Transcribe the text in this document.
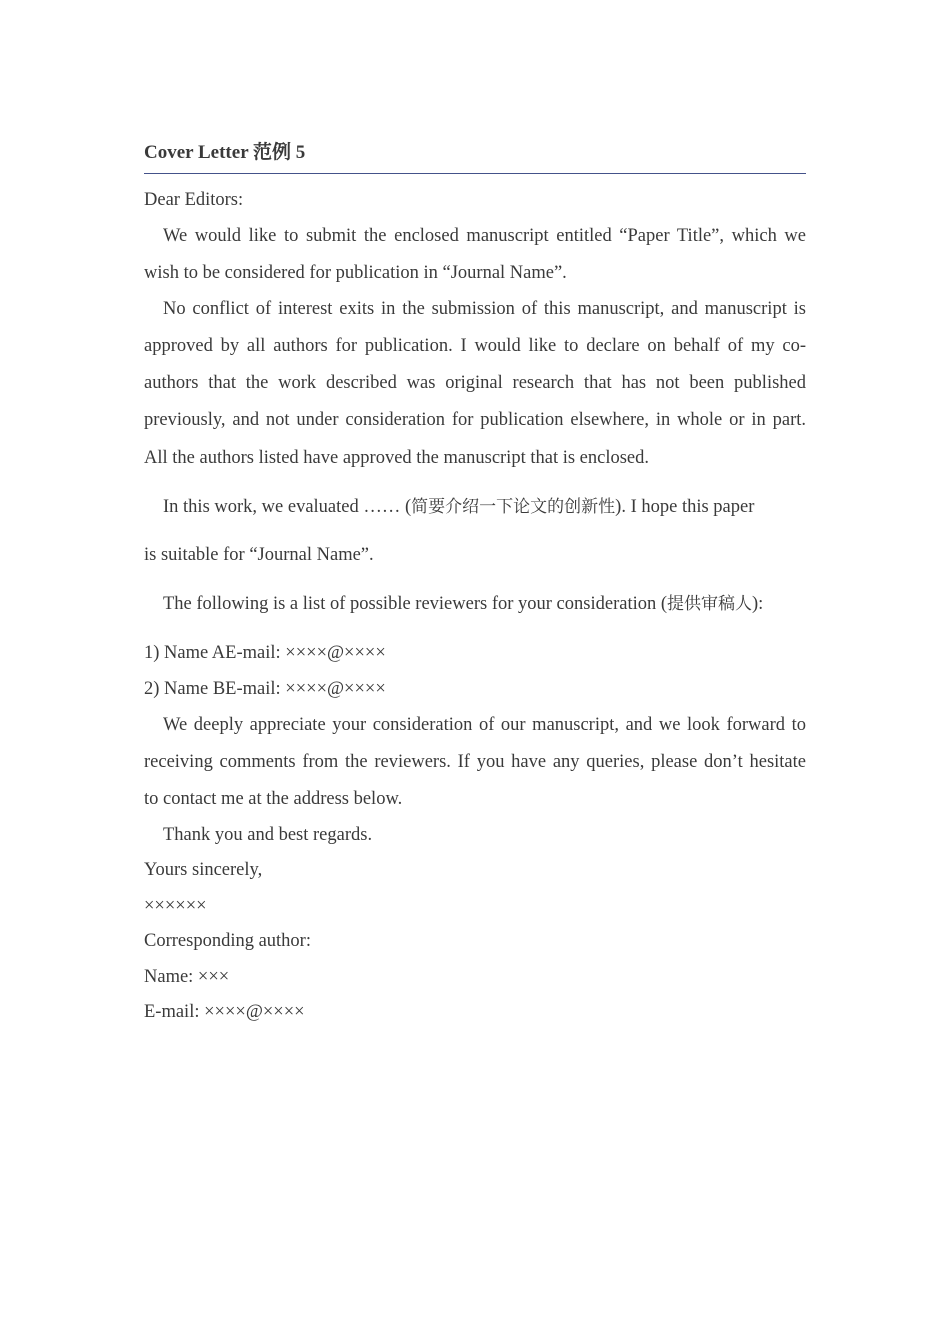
Cover Letter 范例 5
Dear Editors:
We would like to submit the enclosed manuscript entitled “Paper Title”, which we
wish to be considered for publication in “Journal Name”.
No conflict of interest exits in the submission of this manuscript, and manuscript is
approved by all authors for publication. I would like to declare on behalf of my co-
authors that the work described was original research that has not been published
previously, and not under consideration for publication elsewhere, in whole or in part.
All the authors listed have approved the manuscript that is enclosed.
In this work, we evaluated …… (简要介绍一下论文的创新性). I hope this paper
is suitable for “Journal Name”.
The following is a list of possible reviewers for your consideration (提供审稿人):
1) Name AE-mail: ××××@××××
2) Name BE-mail: ××××@××××
We deeply appreciate your consideration of our manuscript, and we look forward to
receiving comments from the reviewers. If you have any queries, please don’t hesitate
to contact me at the address below.
Thank you and best regards.
Yours sincerely,
××××××
Corresponding author:
Name: ×××
E-mail: ××××@××××
